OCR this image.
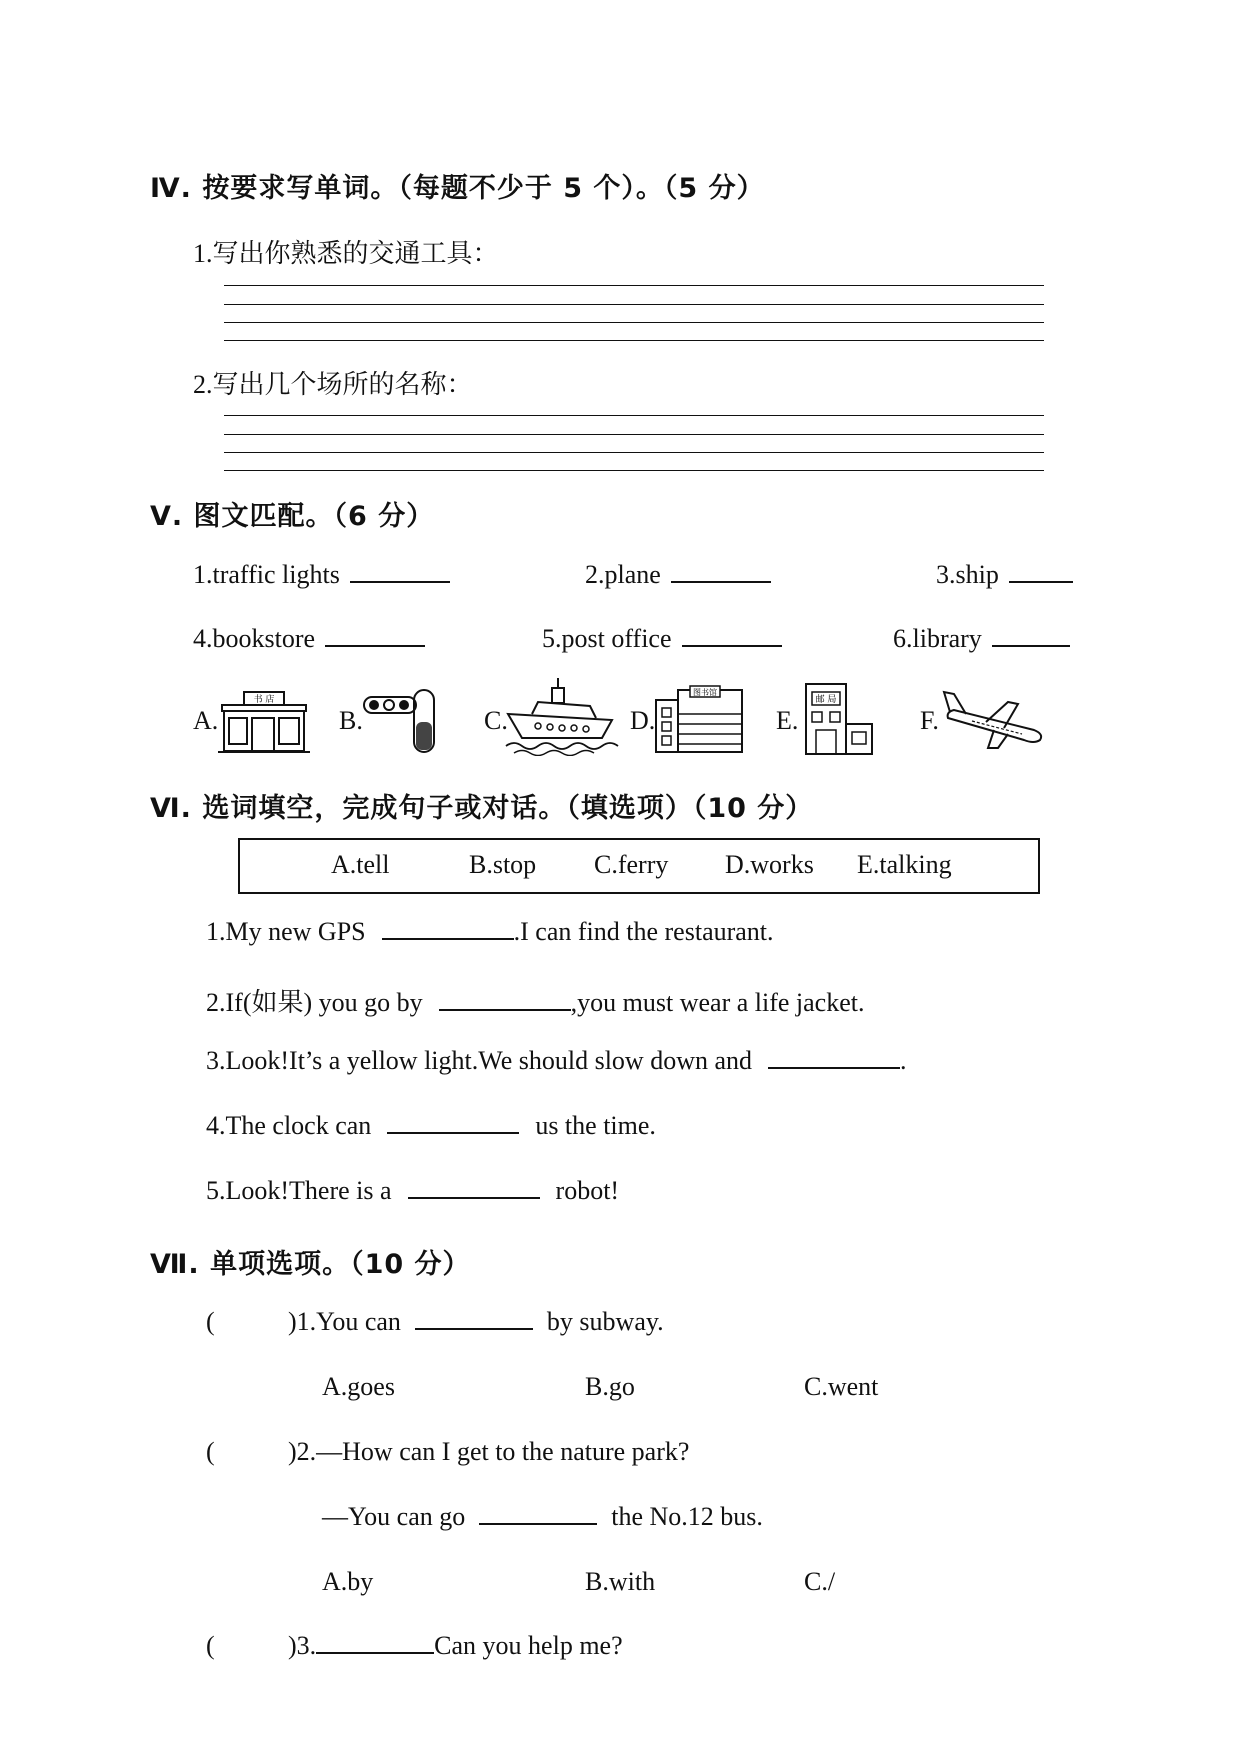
Ⅳ. 按要求写单词。（每题不少于 5 个）。（5 分）
1.写出你熟悉的交通工具：
2.写出几个场所的名称：
Ⅴ. 图文匹配。（6 分）
1.traffic lights	2.plane	3.ship
4.bookstore	5.post office	6.library
A.
书 店
B.	C.	D.
图书馆
E.
邮 局
F.
Ⅵ. 选词填空，完成句子或对话。（填选项）（10 分）
A.tell	B.stop C.ferry D.works E.talking
1.My new GPS	.I can find the restaurant.
2.If(如果) you go by	,you must wear a life jacket.
3.Look!It’s a yellow light.We should slow down and	.
4.The clock can	us the time.
5.Look!There is a	robot!
Ⅶ. 单项选项。（10 分）
(	)1.You can	by subway.
A.goes	B.go	C.went
(	)2.—How can I get to the nature park?
—You can go	the No.12 bus.
A.by	B.with	C./
(	)3.	Can you help me?
